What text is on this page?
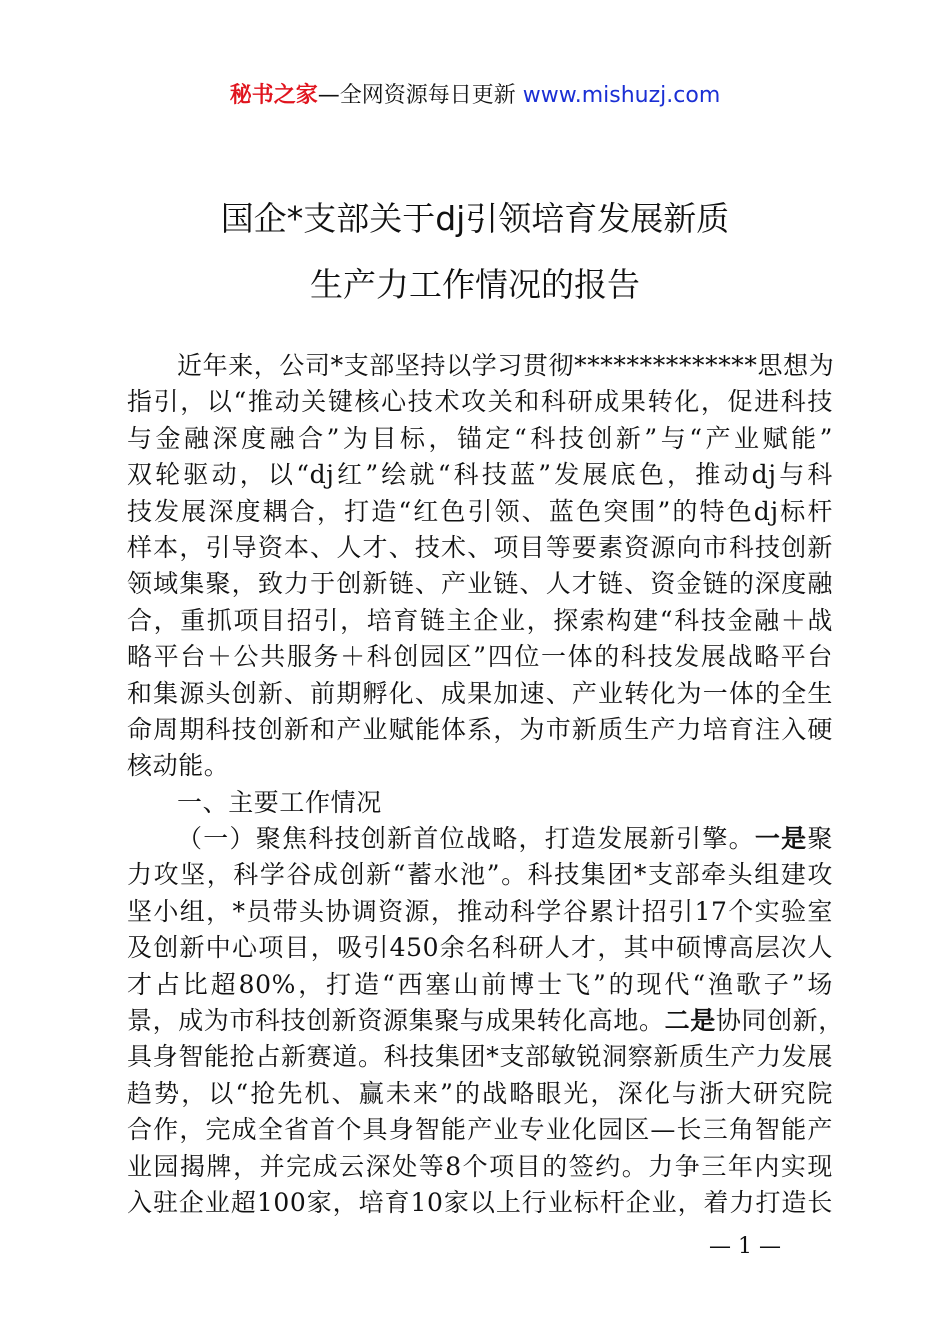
秘书之家—全网资源每日更新 www.mishuzj.com
国企*支部关于dj引领培育发展新质
生产力工作情况的报告
近年来，公司*支部坚持以学习贯彻**************思想为
指引，以“推动关键核心技术攻关和科研成果转化，促进科技
与金融深度融合”为目标，锚定“科技创新”与“产业赋能”
双轮驱动，以“dj红”绘就“科技蓝”发展底色，推动dj与科
技发展深度耦合，打造“红色引领、蓝色突围”的特色dj标杆
样本，引导资本、人才、技术、项目等要素资源向市科技创新
领域集聚，致力于创新链、产业链、人才链、资金链的深度融
合，重抓项目招引，培育链主企业，探索构建“科技金融＋战
略平台＋公共服务＋科创园区”四位一体的科技发展战略平台
和集源头创新、前期孵化、成果加速、产业转化为一体的全生
命周期科技创新和产业赋能体系，为市新质生产力培育注入硬
核动能。
一、主要工作情况
（一）聚焦科技创新首位战略，打造发展新引擎。一是聚
力攻坚，科学谷成创新“蓄水池”。科技集团*支部牵头组建攻
坚小组，*员带头协调资源，推动科学谷累计招引17个实验室
及创新中心项目，吸引450余名科研人才，其中硕博高层次人
才占比超80%，打造“西塞山前博士飞”的现代“渔歌子”场
景，成为市科技创新资源集聚与成果转化高地。二是协同创新，
具身智能抢占新赛道。科技集团*支部敏锐洞察新质生产力发展
趋势，以“抢先机、赢未来”的战略眼光，深化与浙大研究院
合作，完成全省首个具身智能产业专业化园区—长三角智能产
业园揭牌，并完成云深处等8个项目的签约。力争三年内实现
入驻企业超100家，培育10家以上行业标杆企业，着力打造长
— 1 —
